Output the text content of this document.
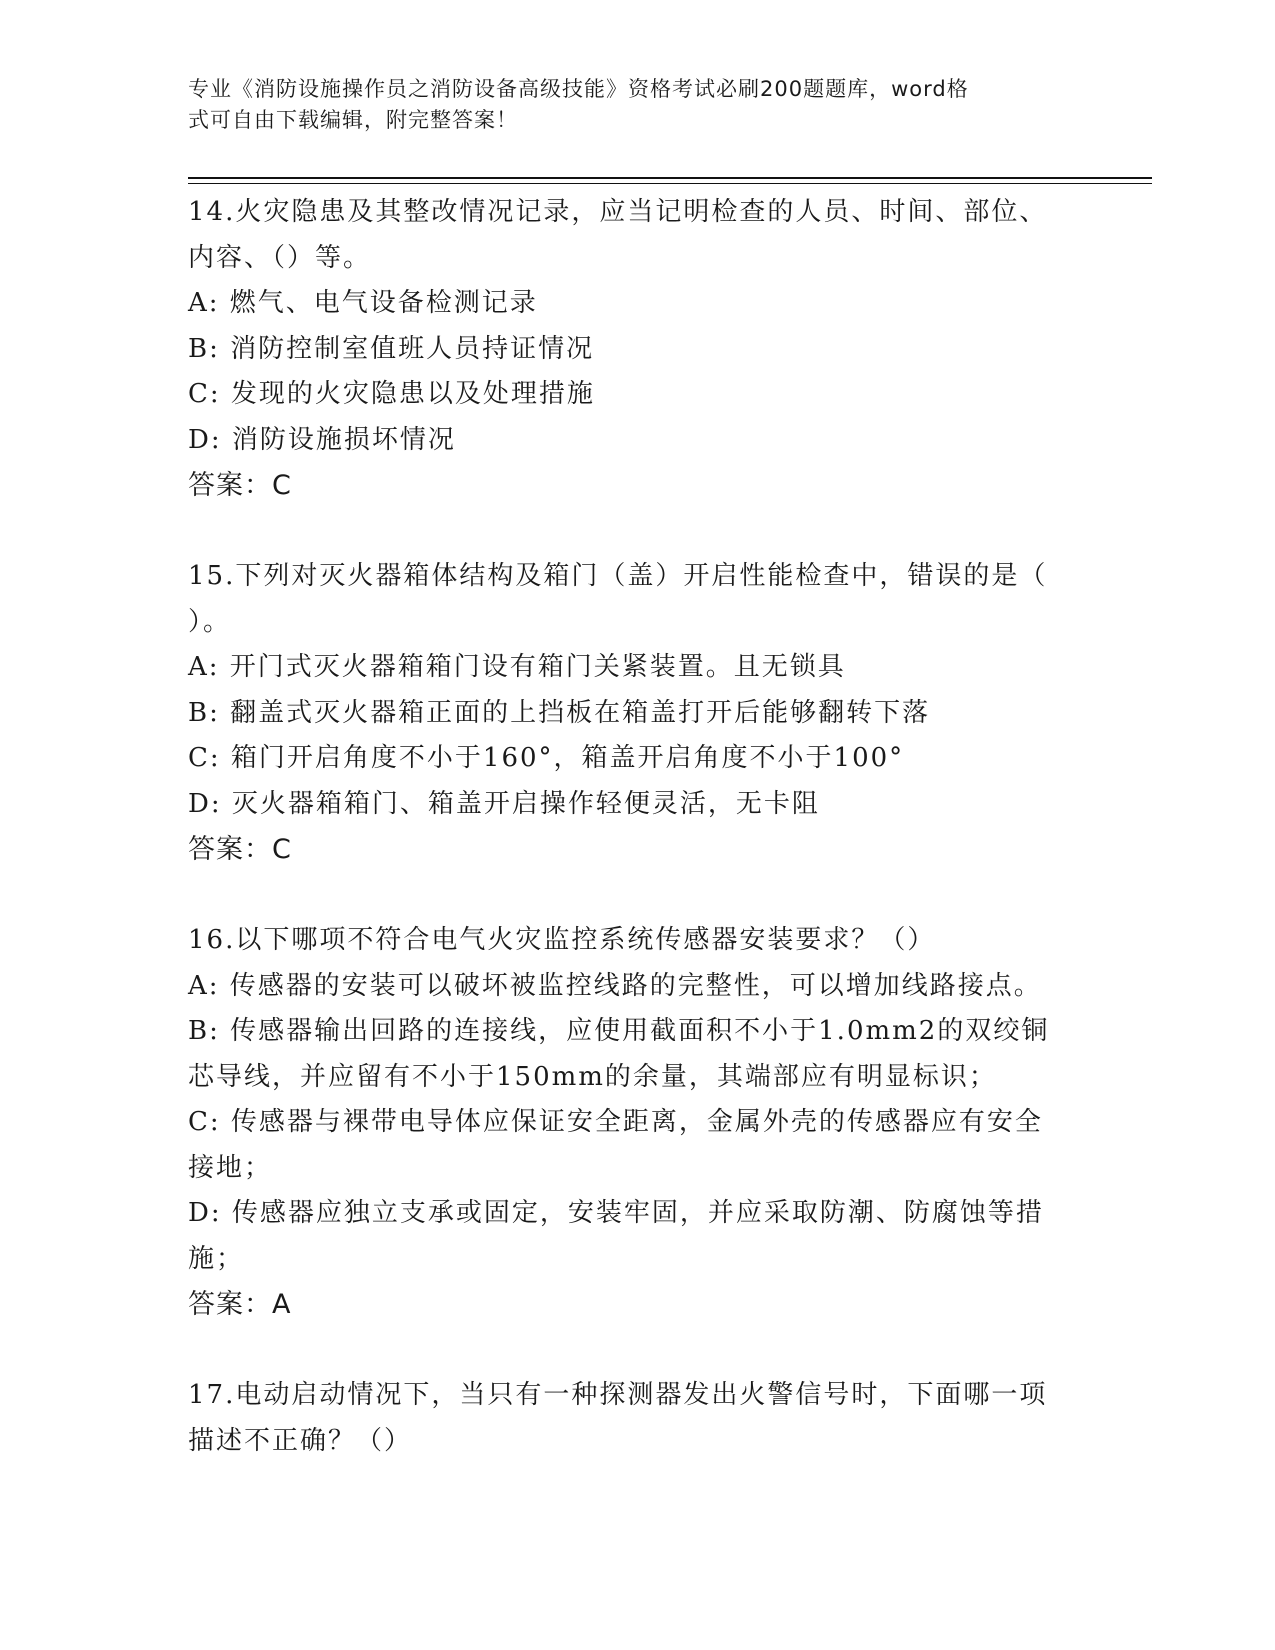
专业《消防设施操作员之消防设备高级技能》资格考试必刷200题题库，word格
式可自由下载编辑，附完整答案！
14.火灾隐患及其整改情况记录，应当记明检查的人员、时间、部位、
内容、（）等。
A: 燃气、电气设备检测记录
B: 消防控制室值班人员持证情况
C: 发现的火灾隐患以及处理措施
D: 消防设施损坏情况
答案：C
15.下列对灭火器箱体结构及箱门（盖）开启性能检查中，错误的是（
）。
A: 开门式灭火器箱箱门设有箱门关紧装置。且无锁具
B: 翻盖式灭火器箱正面的上挡板在箱盖打开后能够翻转下落
C: 箱门开启角度不小于160°，箱盖开启角度不小于100°
D: 灭火器箱箱门、箱盖开启操作轻便灵活，无卡阻
答案：C
16.以下哪项不符合电气火灾监控系统传感器安装要求？（）
A: 传感器的安装可以破坏被监控线路的完整性，可以增加线路接点。
B: 传感器输出回路的连接线，应使用截面积不小于1.0mm2的双绞铜
芯导线，并应留有不小于150mm的余量，其端部应有明显标识；
C: 传感器与裸带电导体应保证安全距离，金属外壳的传感器应有安全
接地；
D: 传感器应独立支承或固定，安装牢固，并应采取防潮、防腐蚀等措
施；
答案：A
17.电动启动情况下，当只有一种探测器发出火警信号时，下面哪一项
描述不正确？（）
